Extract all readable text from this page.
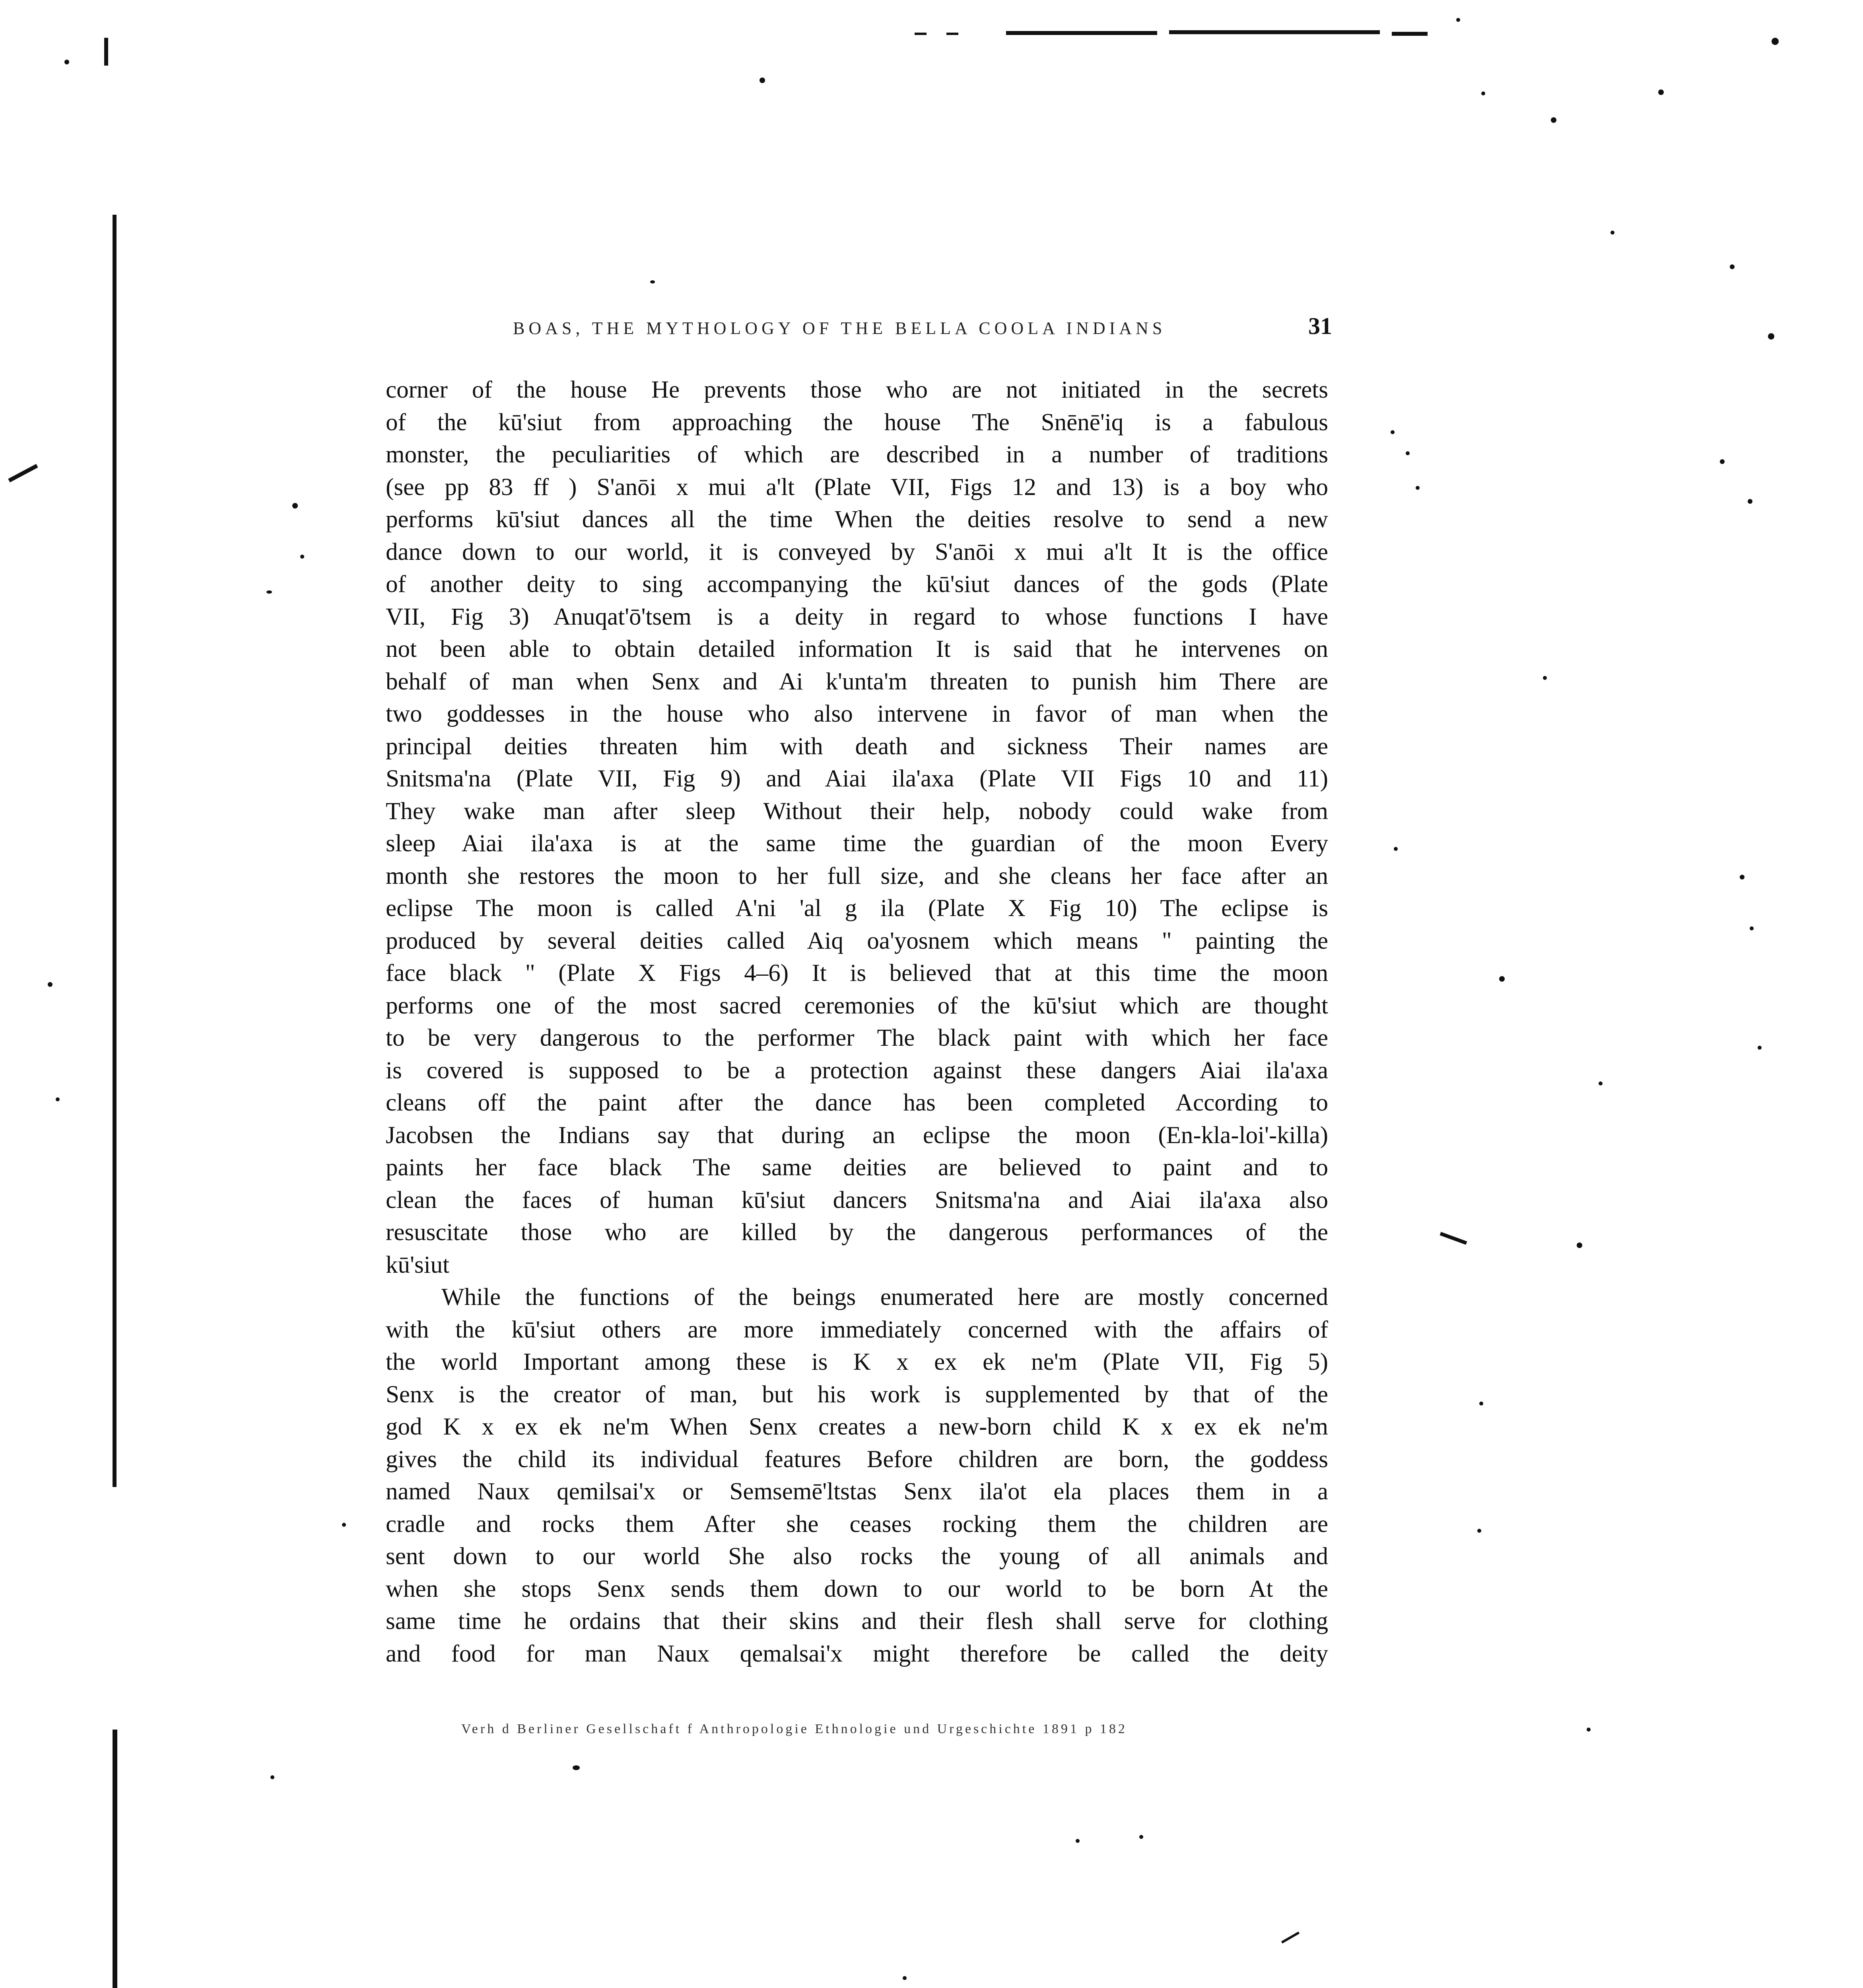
BOAS, THE MYTHOLOGY OF THE BELLA COOLA INDIANS	31
corner of the house He prevents those who are not initiated in the secrets
of the kū'siut from approaching the house The Snēnē'iq is a fabulous
monster, the peculiarities of which are described in a number of traditions
(see pp 83 ff ) S'anōi x mui a'lt (Plate VII, Figs 12 and 13) is a boy who
performs kū'siut dances all the time When the deities resolve to send a new
dance down to our world, it is conveyed by S'anōi x mui a'lt It is the office
of another deity to sing accompanying the kū'siut dances of the gods (Plate
VII, Fig 3) Anuqat'ō'tsem is a deity in regard to whose functions I have
not been able to obtain detailed information It is said that he intervenes on
behalf of man when Senx and Ai k'unta'm threaten to punish him There are
two goddesses in the house who also intervene in favor of man when the
principal deities threaten him with death and sickness Their names are
Snitsma'na (Plate VII, Fig 9) and Aiai ila'axa (Plate VII Figs 10 and 11)
They wake man after sleep Without their help, nobody could wake from
sleep Aiai ila'axa is at the same time the guardian of the moon Every
month she restores the moon to her full size, and she cleans her face after an
eclipse The moon is called A'ni 'al g ila (Plate X Fig 10) The eclipse is
produced by several deities called Aiq oa'yosnem which means " painting the
face black " (Plate X Figs 4–6) It is believed that at this time the moon
performs one of the most sacred ceremonies of the kū'siut which are thought
to be very dangerous to the performer The black paint with which her face
is covered is supposed to be a protection against these dangers Aiai ila'axa
cleans off the paint after the dance has been completed According to
Jacobsen the Indians say that during an eclipse the moon (En-kla-loi'-killa)
paints her face black The same deities are believed to paint and to
clean the faces of human kū'siut dancers Snitsma'na and Aiai ila'axa also
resuscitate those who are killed by the dangerous performances of the
kū'siut
While the functions of the beings enumerated here are mostly concerned
with the kū'siut others are more immediately concerned with the affairs of
the world Important among these is K x ex ek ne'm (Plate VII, Fig 5)
Senx is the creator of man, but his work is supplemented by that of the
god K x ex ek ne'm When Senx creates a new-born child K x ex ek ne'm
gives the child its individual features Before children are born, the goddess
named Naux qemilsai'x or Semsemē'ltstas Senx ila'ot ela places them in a
cradle and rocks them After she ceases rocking them the children are
sent down to our world She also rocks the young of all animals and
when she stops Senx sends them down to our world to be born At the
same time he ordains that their skins and their flesh shall serve for clothing
and food for man Naux qemalsai'x might therefore be called the deity
Verh d Berliner Gesellschaft f Anthropologie Ethnologie und Urgeschichte 1891 p 182
